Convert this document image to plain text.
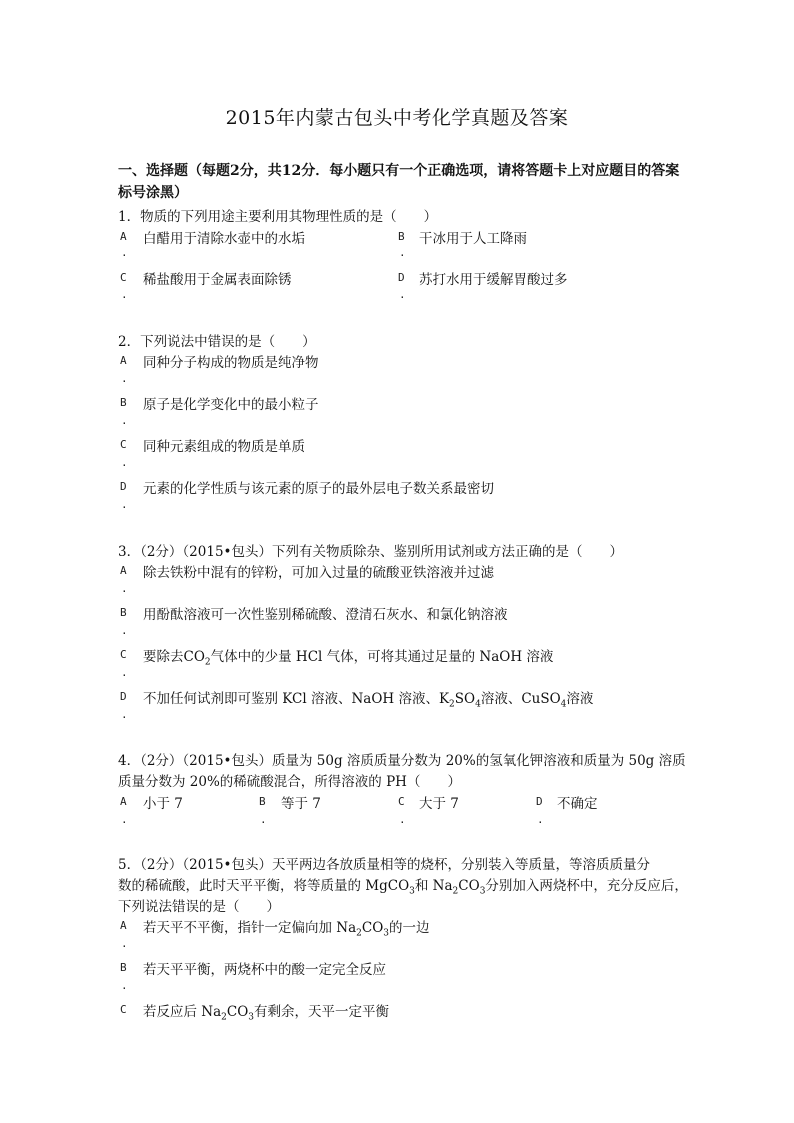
2015年内蒙古包头中考化学真题及答案
一、选择题（每题2分，共12分．每小题只有一个正确选项，请将答题卡上对应题目的答案标号涂黑）
1．物质的下列用途主要利用其物理性质的是（　　）
A 白醋用于清除水壶中的水垢
.
B 干冰用于人工降雨
.
C 稀盐酸用于金属表面除锈
.
D 苏打水用于缓解胃酸过多
.
2．下列说法中错误的是（　　）
A 同种分子构成的物质是纯净物
.
B 原子是化学变化中的最小粒子
.
C 同种元素组成的物质是单质
.
D 元素的化学性质与该元素的原子的最外层电子数关系最密切
.
3．（2分）（2015•包头）下列有关物质除杂、鉴别所用试剂或方法正确的是（　　）
A 除去铁粉中混有的锌粉，可加入过量的硫酸亚铁溶液并过滤
.
B 用酚酞溶液可一次性鉴别稀硫酸、澄清石灰水、和氯化钠溶液
.
C 要除去$CO_2$气体中的少量 HCl 气体，可将其通过足量的 NaOH 溶液
.
D 不加任何试剂即可鉴别 KCl 溶液、NaOH 溶液、$K_2SO_4$溶液、CuSO$_4$溶液
.
4．（2分）（2015•包头）质量为 50g 溶质质量分数为 20%的氢氧化钾溶液和质量为 50g 溶质
质量分数为 20%的稀硫酸混合，所得溶液的 PH（　　）
A 小于 7
.
B 等于 7
.
C 大于 7
.
D 不确定
.
5．（2分）（2015•包头）天平两边各放质量相等的烧杯，分别装入等质量，等溶质质量分
数的稀硫酸，此时天平平衡，将等质量的 MgCO$_3$和 $Na_2CO_3$分别加入两烧杯中，充分反应后，
下列说法错误的是（　　）
A 若天平不平衡，指针一定偏向加 $Na_2CO_3$的一边
.
B 若天平平衡，两烧杯中的酸一定完全反应
.
C 若反应后 $Na_2CO_3$有剩余，天平一定平衡
